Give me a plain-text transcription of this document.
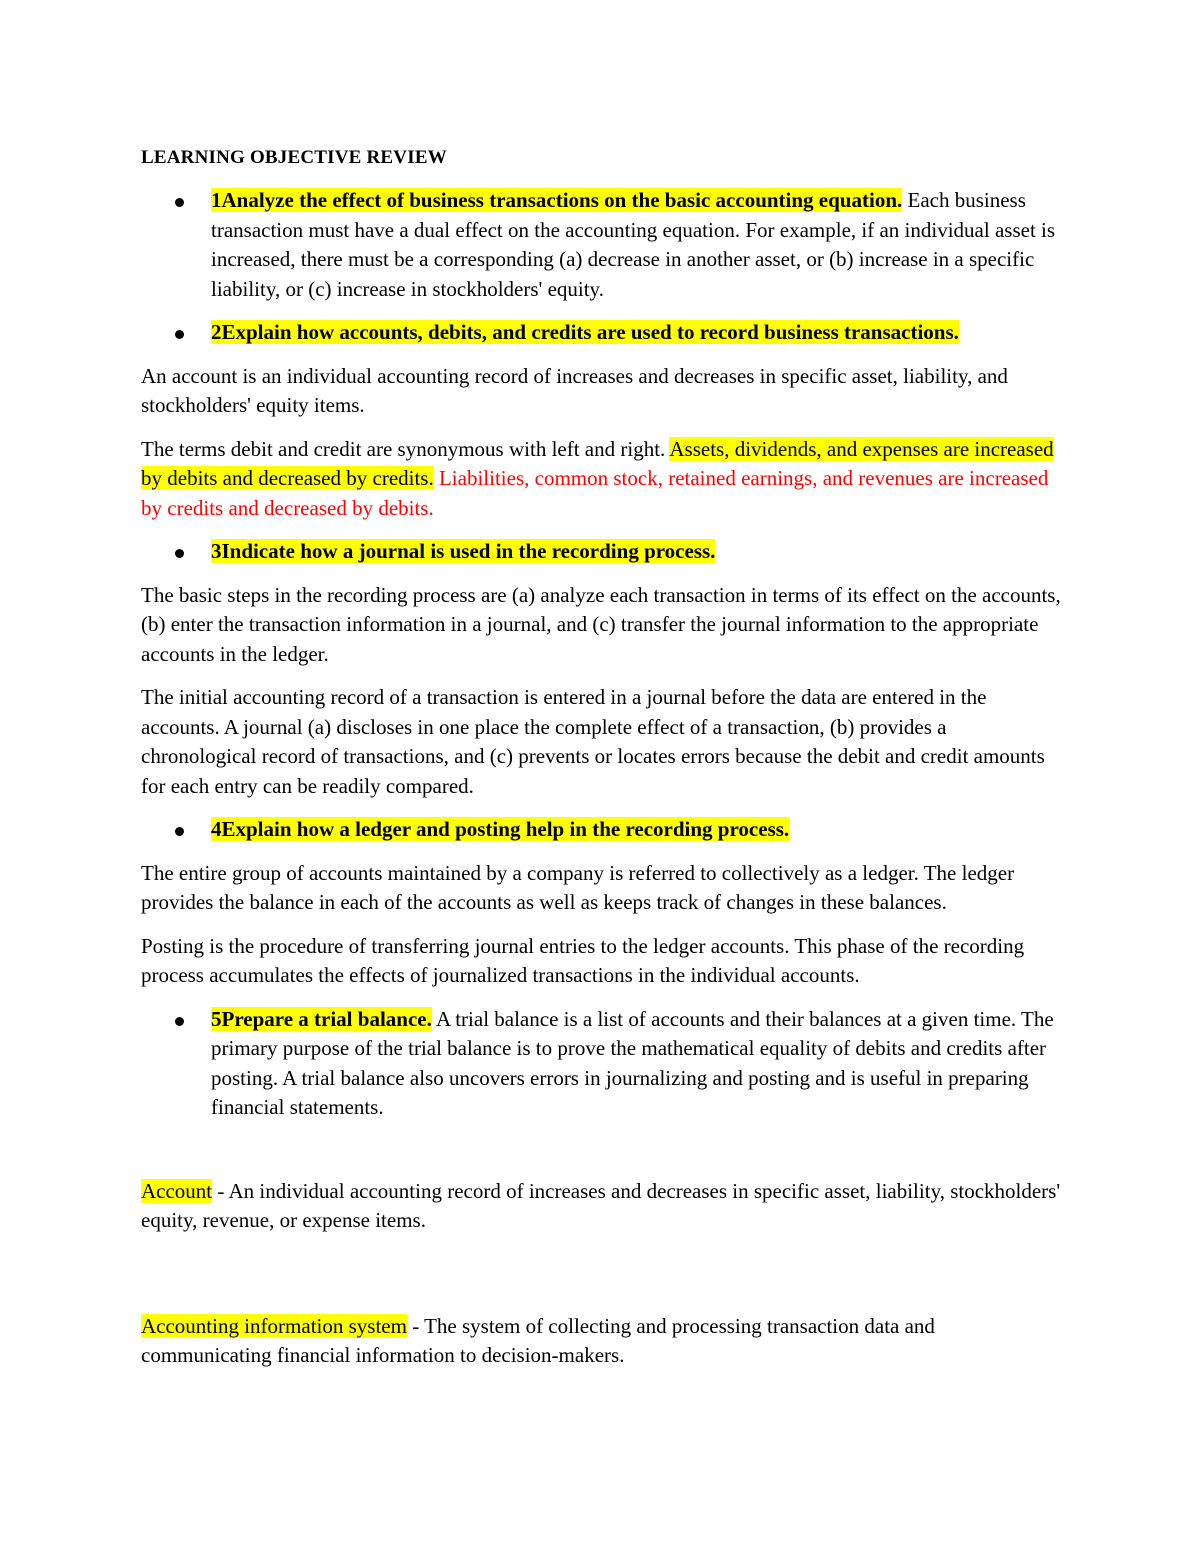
LEARNING OBJECTIVE REVIEW
1Analyze the effect of business transactions on the basic accounting equation. Each business transaction must have a dual effect on the accounting equation. For example, if an individual asset is increased, there must be a corresponding (a) decrease in another asset, or (b) increase in a specific liability, or (c) increase in stockholders' equity.
2Explain how accounts, debits, and credits are used to record business transactions.
An account is an individual accounting record of increases and decreases in specific asset, liability, and stockholders' equity items.
The terms debit and credit are synonymous with left and right. Assets, dividends, and expenses are increased by debits and decreased by credits. Liabilities, common stock, retained earnings, and revenues are increased by credits and decreased by debits.
3Indicate how a journal is used in the recording process.
The basic steps in the recording process are (a) analyze each transaction in terms of its effect on the accounts, (b) enter the transaction information in a journal, and (c) transfer the journal information to the appropriate accounts in the ledger.
The initial accounting record of a transaction is entered in a journal before the data are entered in the accounts. A journal (a) discloses in one place the complete effect of a transaction, (b) provides a chronological record of transactions, and (c) prevents or locates errors because the debit and credit amounts for each entry can be readily compared.
4Explain how a ledger and posting help in the recording process.
The entire group of accounts maintained by a company is referred to collectively as a ledger. The ledger provides the balance in each of the accounts as well as keeps track of changes in these balances.
Posting is the procedure of transferring journal entries to the ledger accounts. This phase of the recording process accumulates the effects of journalized transactions in the individual accounts.
5Prepare a trial balance. A trial balance is a list of accounts and their balances at a given time. The primary purpose of the trial balance is to prove the mathematical equality of debits and credits after posting. A trial balance also uncovers errors in journalizing and posting and is useful in preparing financial statements.
Account - An individual accounting record of increases and decreases in specific asset, liability, stockholders' equity, revenue, or expense items.
Accounting information system - The system of collecting and processing transaction data and communicating financial information to decision-makers.
